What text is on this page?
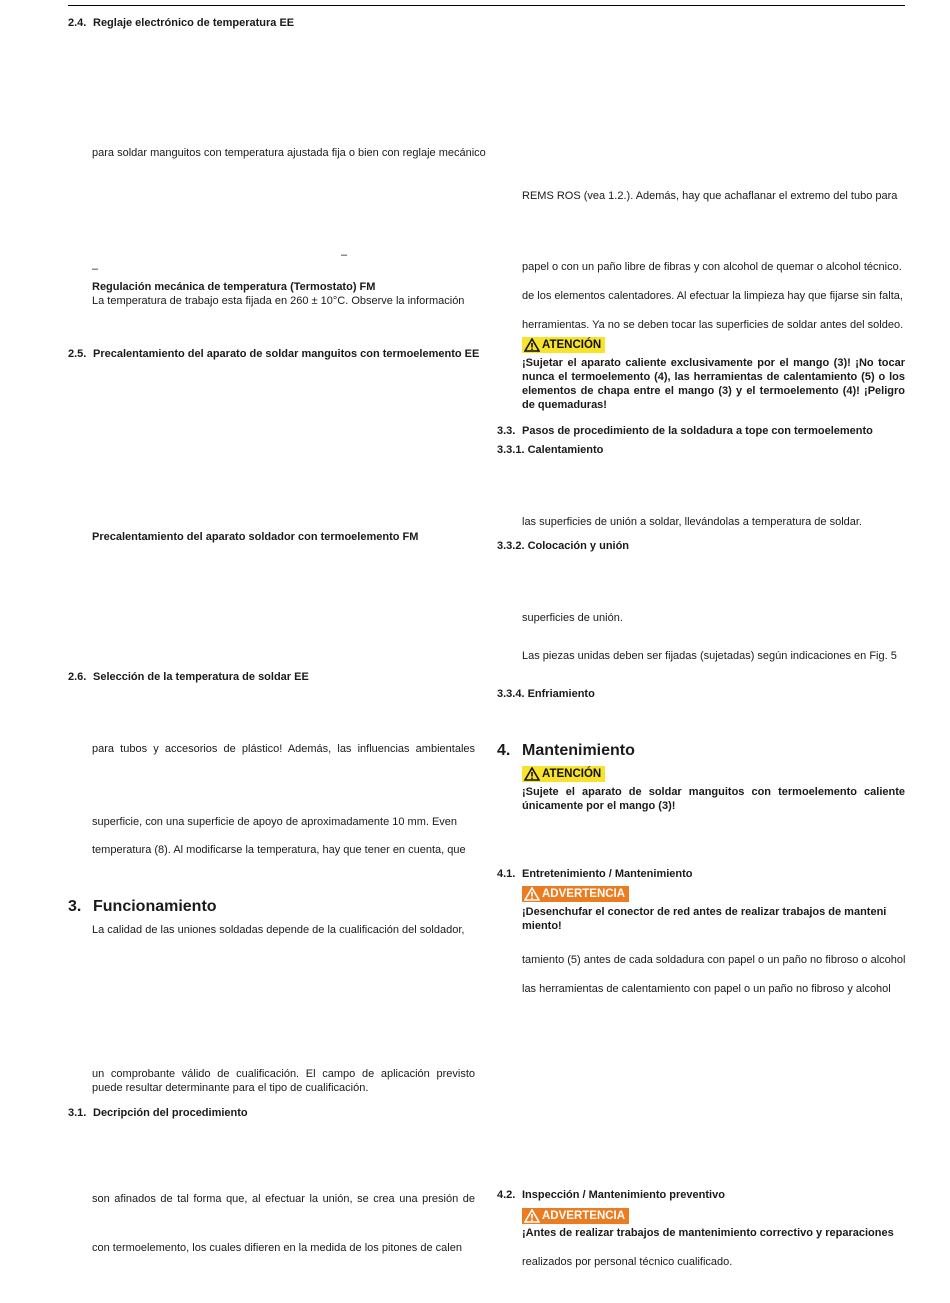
2.4. Reglaje electrónico de temperatura EE
para soldar manguitos con temperatura ajustada fija o bien con reglaje mecánico
–
–
Regulación mecánica de temperatura (Termostato) FM
La temperatura de trabajo esta fijada en 260 ± 10°C. Observe la información
2.5. Precalentamiento del aparato de soldar manguitos con termoelemento EE
Precalentamiento del aparato soldador con termoelemento FM
2.6. Selección de la temperatura de soldar EE
para tubos y accesorios de plástico! Además, las influencias ambientales
superficie, con una superficie de apoyo de aproximadamente 10 mm. Even
temperatura (8). Al modificarse la temperatura, hay que tener en cuenta, que
3. Funcionamiento
La calidad de las uniones soldadas depende de la cualificación del soldador,
un comprobante válido de cualificación. El campo de aplicación previsto puede resultar determinante para el tipo de cualificación.
3.1. Decripción del procedimiento
son afinados de tal forma que, al efectuar la unión, se crea una presión de
con termoelemento, los cuales difieren en la medida de los pitones de calen
REMS ROS (vea 1.2.). Además, hay que achaflanar el extremo del tubo para
papel o con un paño libre de fibras y con alcohol de quemar o alcohol técnico.
de los elementos calentadores. Al efectuar la limpieza hay que fijarse sin falta,
herramientas. Ya no se deben tocar las superficies de soldar antes del soldeo.
ATENCIÓN
¡Sujetar el aparato caliente exclusivamente por el mango (3)! ¡No tocar nunca el termoelemento (4), las herramientas de calentamiento (5) o los elementos de chapa entre el mango (3) y el termoelemento (4)! ¡Peligro de quemaduras!
3.3. Pasos de procedimiento de la soldadura a tope con termoelemento
3.3.1. Calentamiento
las superficies de unión a soldar, llevándolas a temperatura de soldar.
3.3.2. Colocación y unión
superficies de unión.
Las piezas unidas deben ser fijadas (sujetadas) según indicaciones en Fig. 5
3.3.4. Enfriamiento
4. Mantenimiento
ATENCIÓN
¡Sujete el aparato de soldar manguitos con termoelemento caliente únicamente por el mango (3)!
4.1. Entretenimiento / Mantenimiento
ADVERTENCIA
¡Desenchufar el conector de red antes de realizar trabajos de manteni
miento!
tamiento (5) antes de cada soldadura con papel o un paño no fibroso o alcohol
las herramientas de calentamiento con papel o un paño no fibroso y alcohol
4.2. Inspección / Mantenimiento preventivo
ADVERTENCIA
¡Antes de realizar trabajos de mantenimiento correctivo y reparaciones
realizados por personal técnico cualificado.
